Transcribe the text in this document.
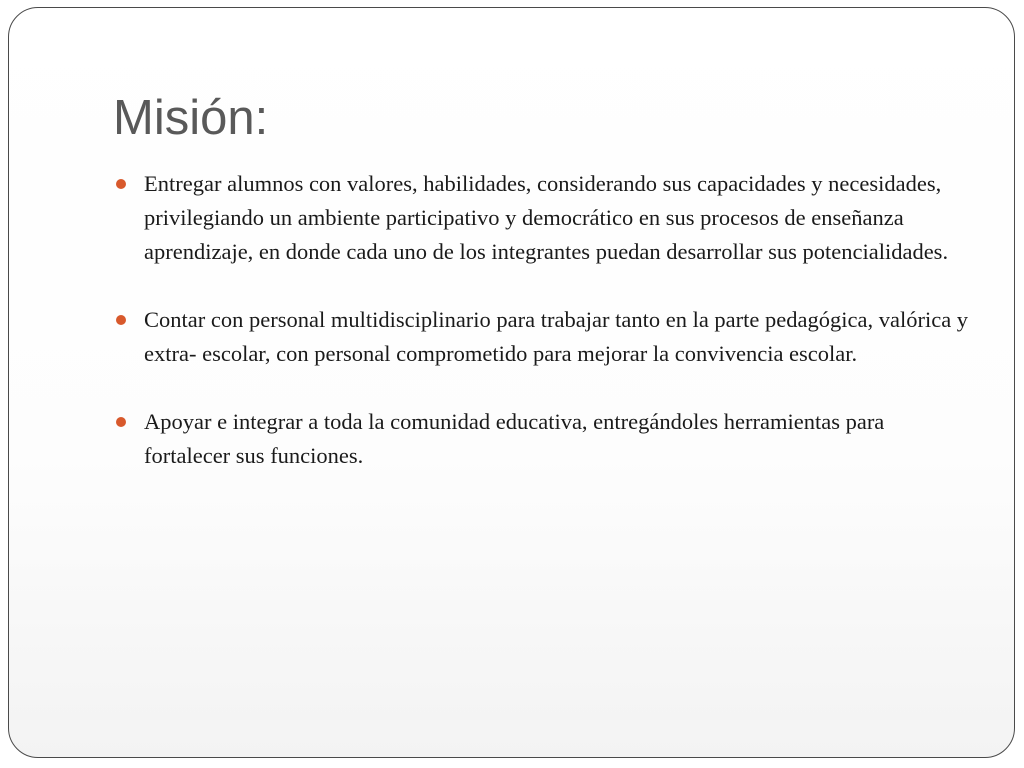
Misión:
Entregar alumnos con valores, habilidades, considerando sus capacidades y necesidades, privilegiando un ambiente participativo y democrático en sus procesos de enseñanza aprendizaje, en donde cada uno de los integrantes puedan desarrollar sus potencialidades.
Contar con personal multidisciplinario para trabajar tanto en la parte pedagógica, valórica y extra- escolar, con personal comprometido para mejorar la convivencia escolar.
Apoyar e integrar a toda la comunidad educativa, entregándoles herramientas para fortalecer sus funciones.
